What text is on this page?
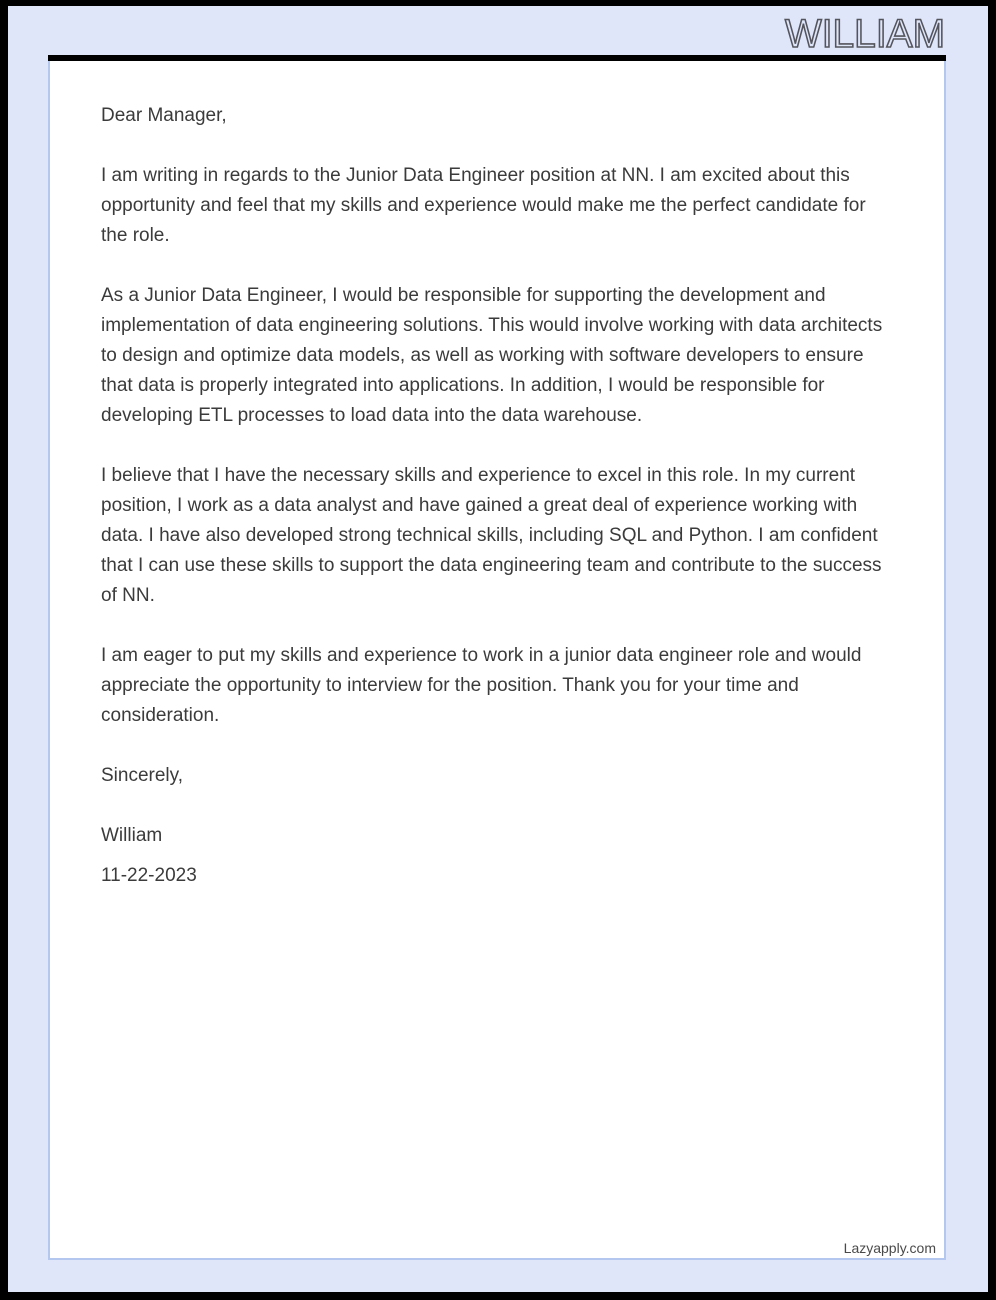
WILLIAM

Dear Manager,

I am writing in regards to the Junior Data Engineer position at NN. I am excited about this opportunity and feel that my skills and experience would make me the perfect candidate for the role.

As a Junior Data Engineer, I would be responsible for supporting the development and implementation of data engineering solutions. This would involve working with data architects to design and optimize data models, as well as working with software developers to ensure that data is properly integrated into applications. In addition, I would be responsible for developing ETL processes to load data into the data warehouse.

I believe that I have the necessary skills and experience to excel in this role. In my current position, I work as a data analyst and have gained a great deal of experience working with data. I have also developed strong technical skills, including SQL and Python. I am confident that I can use these skills to support the data engineering team and contribute to the success of NN.

I am eager to put my skills and experience to work in a junior data engineer role and would appreciate the opportunity to interview for the position. Thank you for your time and consideration.

Sincerely,

William

11-22-2023

Lazyapply.com
